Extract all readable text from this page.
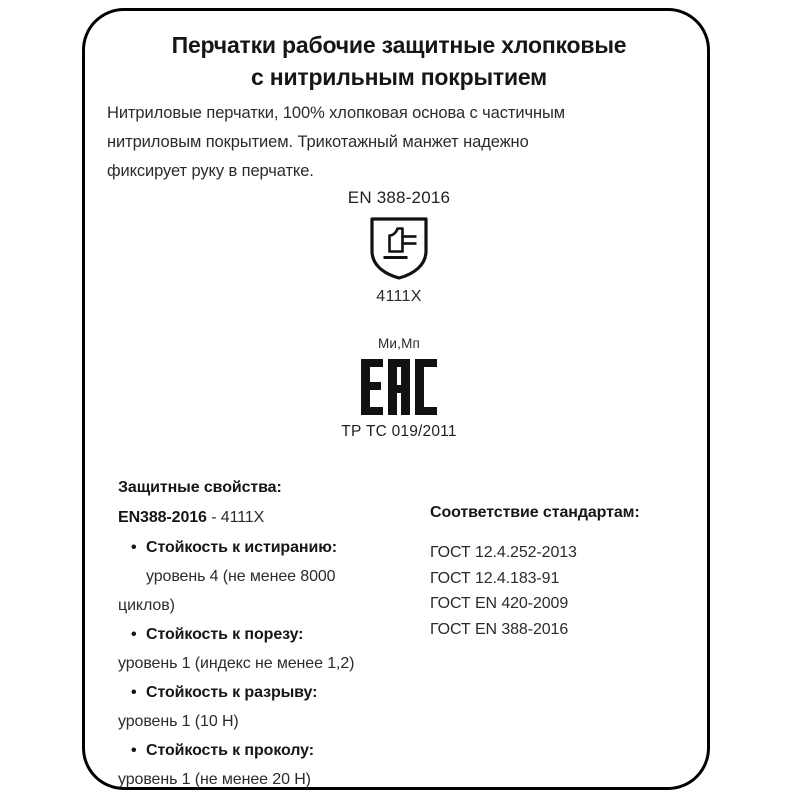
Перчатки рабочие защитные хлопковые
с нитрильным покрытием
Нитриловые перчатки, 100% хлопковая основа с частичным
нитриловым покрытием. Трикотажный манжет надежно
фиксирует руку в перчатке.
EN 388-2016
4111X
Ми,Мп
ТР ТС 019/2011
Защитные свойства:
EN388-2016 - 4111X
• Стойкость к истиранию:
уровень 4 (не менее 8000
циклов)
• Стойкость к порезу:
уровень 1 (индекс не менее 1,2)
• Стойкость к разрыву:
уровень 1 (10 Н)
• Стойкость к проколу:
уровень 1 (не менее 20 Н)
Соответствие стандартам:
ГОСТ 12.4.252-2013
ГОСТ 12.4.183-91
ГОСТ EN 420-2009
ГОСТ EN 388-2016
